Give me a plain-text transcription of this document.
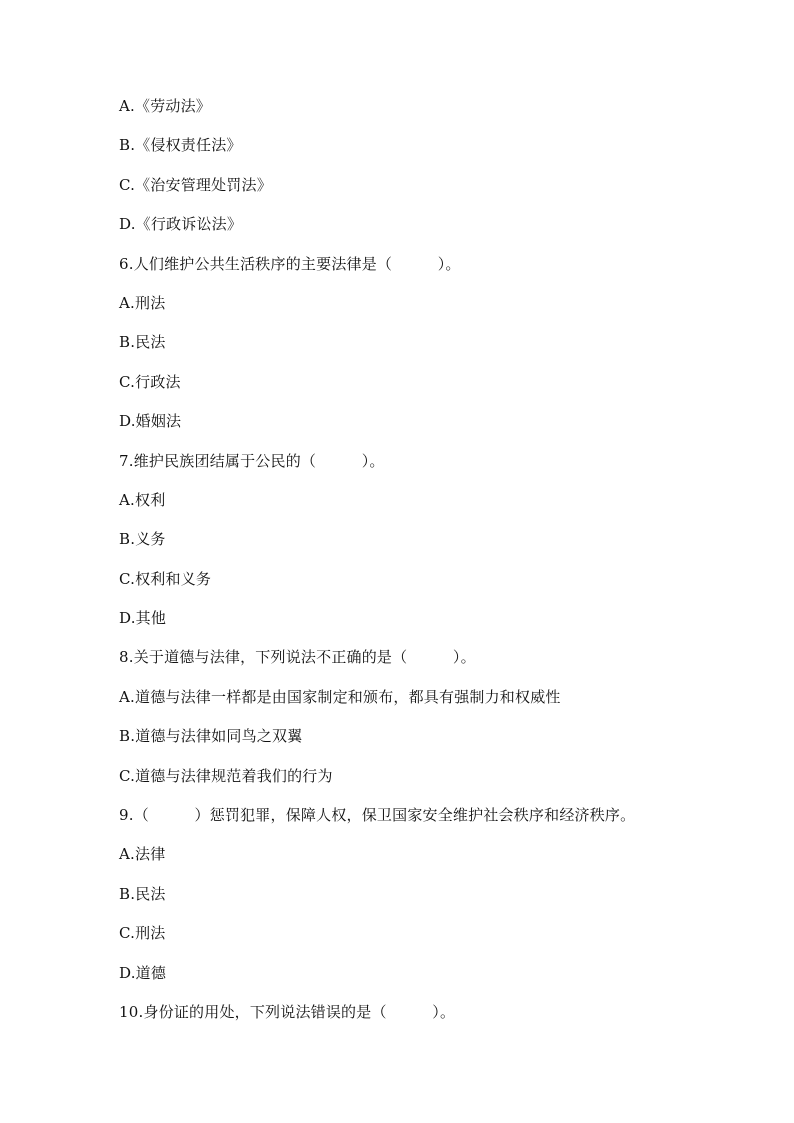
A.《劳动法》
B.《侵权责任法》
C.《治安管理处罚法》
D.《行政诉讼法》
6.人们维护公共生活秩序的主要法律是（　　　）。
A.刑法
B.民法
C.行政法
D.婚姻法
7.维护民族团结属于公民的（　　　）。
A.权利
B.义务
C.权利和义务
D.其他
8.关于道德与法律，下列说法不正确的是（　　　）。
A.道德与法律一样都是由国家制定和颁布，都具有强制力和权威性
B.道德与法律如同鸟之双翼
C.道德与法律规范着我们的行为
9.（　　　）惩罚犯罪，保障人权，保卫国家安全维护社会秩序和经济秩序。
A.法律
B.民法
C.刑法
D.道德
10.身份证的用处，下列说法错误的是（　　　）。
